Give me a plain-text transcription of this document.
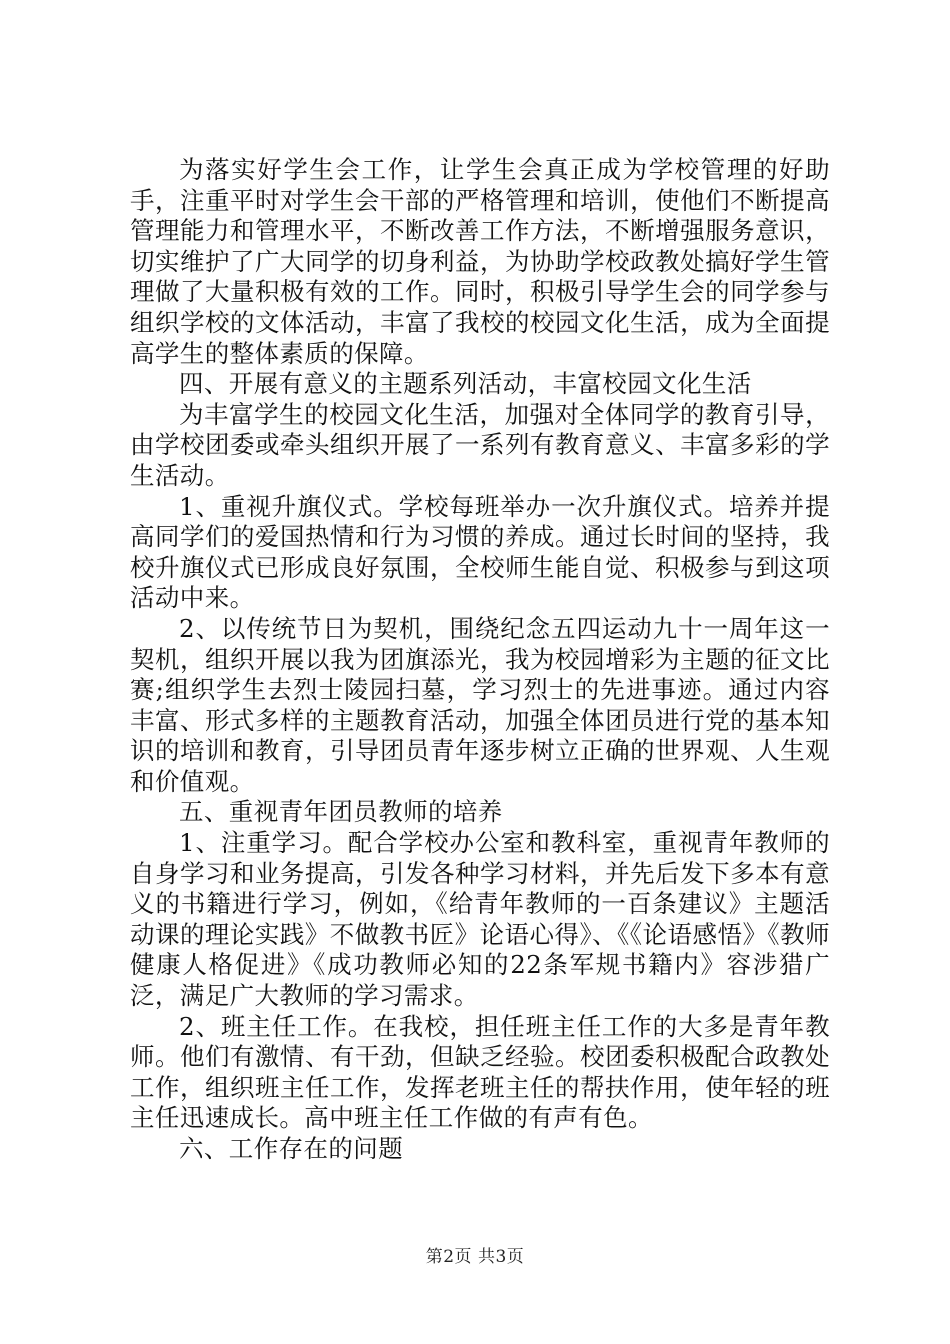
为落实好学生会工作，让学生会真正成为学校管理的好助手，注重平时对学生会干部的严格管理和培训，使他们不断提高管理能力和管理水平，不断改善工作方法，不断增强服务意识，切实维护了广大同学的切身利益，为协助学校政教处搞好学生管理做了大量积极有效的工作。同时，积极引导学生会的同学参与组织学校的文体活动，丰富了我校的校园文化生活，成为全面提高学生的整体素质的保障。

四、开展有意义的主题系列活动，丰富校园文化生活

为丰富学生的校园文化生活，加强对全体同学的教育引导，由学校团委或牵头组织开展了一系列有教育意义、丰富多彩的学生活动。

1、重视升旗仪式。学校每班举办一次升旗仪式。培养并提高同学们的爱国热情和行为习惯的养成。通过长时间的坚持，我校升旗仪式已形成良好氛围，全校师生能自觉、积极参与到这项活动中来。

2、以传统节日为契机，围绕纪念五四运动九十一周年这一契机，组织开展以我为团旗添光，我为校园增彩为主题的征文比赛;组织学生去烈士陵园扫墓，学习烈士的先进事迹。通过内容丰富、形式多样的主题教育活动，加强全体团员进行党的基本知识的培训和教育，引导团员青年逐步树立正确的世界观、人生观和价值观。

五、重视青年团员教师的培养

1、注重学习。配合学校办公室和教科室，重视青年教师的自身学习和业务提高，引发各种学习材料，并先后发下多本有意义的书籍进行学习，例如，《给青年教师的一百条建议》主题活动课的理论实践》不做教书匠》论语心得》、《《论语感悟》《教师健康人格促进》《成功教师必知的22条军规书籍内》容涉猎广泛，满足广大教师的学习需求。

2、班主任工作。在我校，担任班主任工作的大多是青年教师。他们有激情、有干劲，但缺乏经验。校团委积极配合政教处工作，组织班主任工作，发挥老班主任的帮扶作用，使年轻的班主任迅速成长。高中班主任工作做的有声有色。

六、工作存在的问题

第2页 共3页
